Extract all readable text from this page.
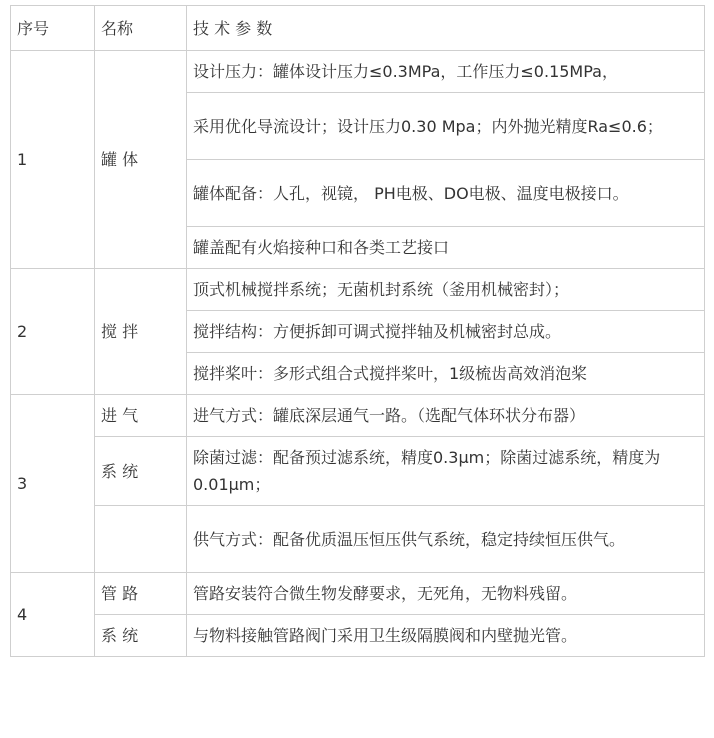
序号	名称	技 术 参 数
1	罐 体	设计压力：罐体设计压力≤0.3MPa，工作压力≤0.15MPa，
		采用优化导流设计；设计压力0.30 Mpa；内外抛光精度Ra≤0.6；
		罐体配备：人孔，视镜， PH电极、DO电极、温度电极接口。
		罐盖配有火焰接种口和各类工艺接口
2	搅 拌	顶式机械搅拌系统；无菌机封系统（釜用机械密封）；
		搅拌结构：方便拆卸可调式搅拌轴及机械密封总成。
		搅拌桨叶：多形式组合式搅拌桨叶，1级梳齿高效消泡桨
3	进 气	进气方式：罐底深层通气一路。（选配气体环状分布器）
	系 统	除菌过滤：配备预过滤系统，精度0.3μm；除菌过滤系统，精度为0.01μm；
		供气方式：配备优质温压恒压供气系统，稳定持续恒压供气。
4	管 路	管路安装符合微生物发酵要求，无死角，无物料残留。
	系 统	与物料接触管路阀门采用卫生级隔膜阀和内壁抛光管。
